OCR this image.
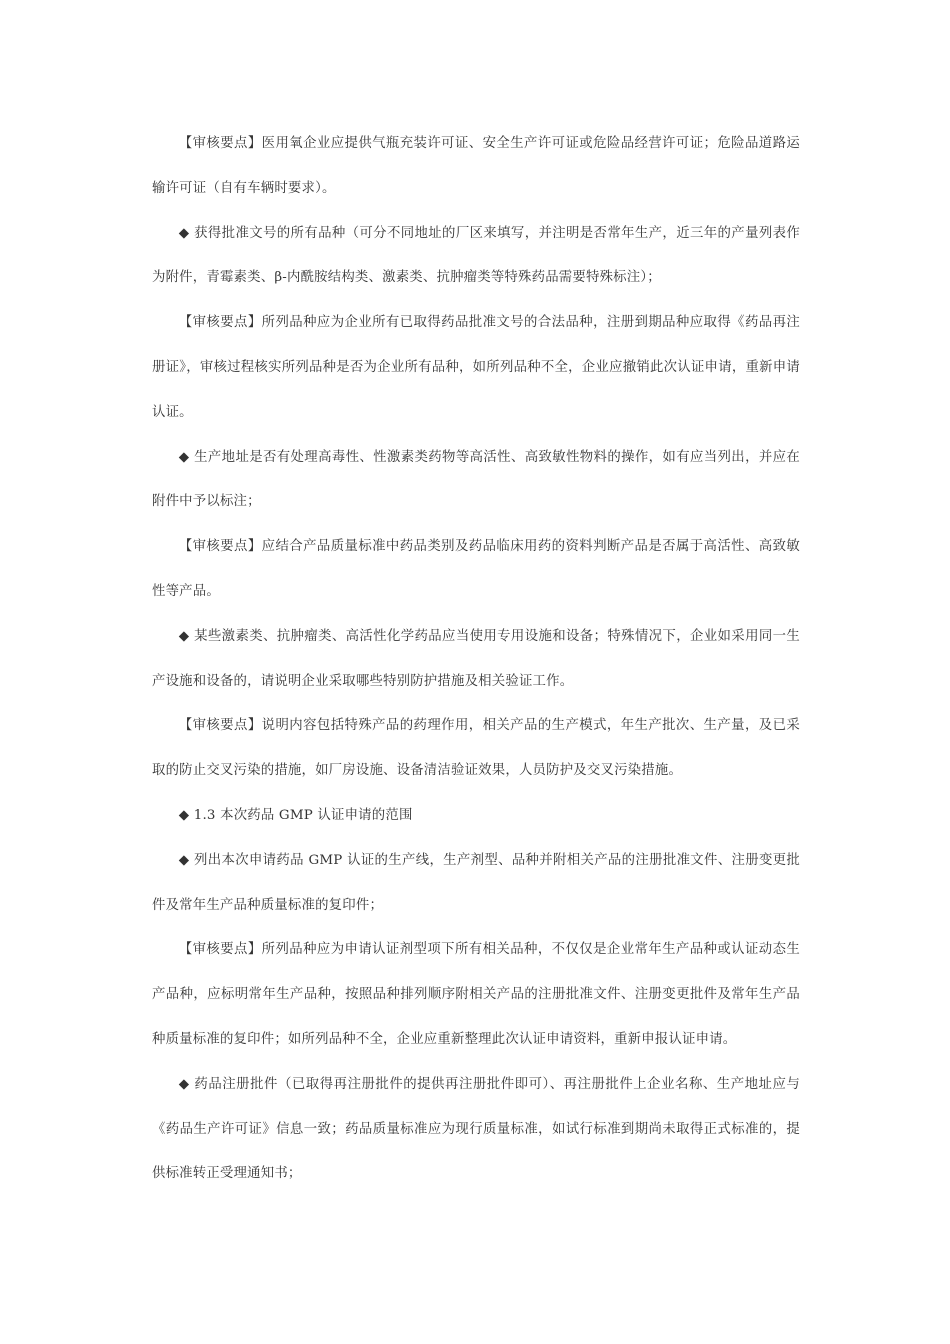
【审核要点】医用氧企业应提供气瓶充装许可证、安全生产许可证或危险品经营许可证；危险品道路运输许可证（自有车辆时要求）。

◆ 获得批准文号的所有品种（可分不同地址的厂区来填写，并注明是否常年生产，近三年的产量列表作为附件，青霉素类、β-内酰胺结构类、激素类、抗肿瘤类等特殊药品需要特殊标注）；

【审核要点】所列品种应为企业所有已取得药品批准文号的合法品种，注册到期品种应取得《药品再注册证》，审核过程核实所列品种是否为企业所有品种，如所列品种不全，企业应撤销此次认证申请，重新申请认证。

◆ 生产地址是否有处理高毒性、性激素类药物等高活性、高致敏性物料的操作，如有应当列出，并应在附件中予以标注；

【审核要点】应结合产品质量标准中药品类别及药品临床用药的资料判断产品是否属于高活性、高致敏性等产品。

◆ 某些激素类、抗肿瘤类、高活性化学药品应当使用专用设施和设备；特殊情况下，企业如采用同一生产设施和设备的，请说明企业采取哪些特别防护措施及相关验证工作。

【审核要点】说明内容包括特殊产品的药理作用，相关产品的生产模式，年生产批次、生产量，及已采取的防止交叉污染的措施，如厂房设施、设备清洁验证效果，人员防护及交叉污染措施。

◆ 1.3 本次药品 GMP 认证申请的范围

◆ 列出本次申请药品 GMP 认证的生产线，生产剂型、品种并附相关产品的注册批准文件、注册变更批件及常年生产品种质量标准的复印件；

【审核要点】所列品种应为申请认证剂型项下所有相关品种，不仅仅是企业常年生产品种或认证动态生产品种，应标明常年生产品种，按照品种排列顺序附相关产品的注册批准文件、注册变更批件及常年生产品种质量标准的复印件；如所列品种不全，企业应重新整理此次认证申请资料，重新申报认证申请。

◆ 药品注册批件（已取得再注册批件的提供再注册批件即可）、再注册批件上企业名称、生产地址应与《药品生产许可证》信息一致；药品质量标准应为现行质量标准，如试行标准到期尚未取得正式标准的，提供标准转正受理通知书；
